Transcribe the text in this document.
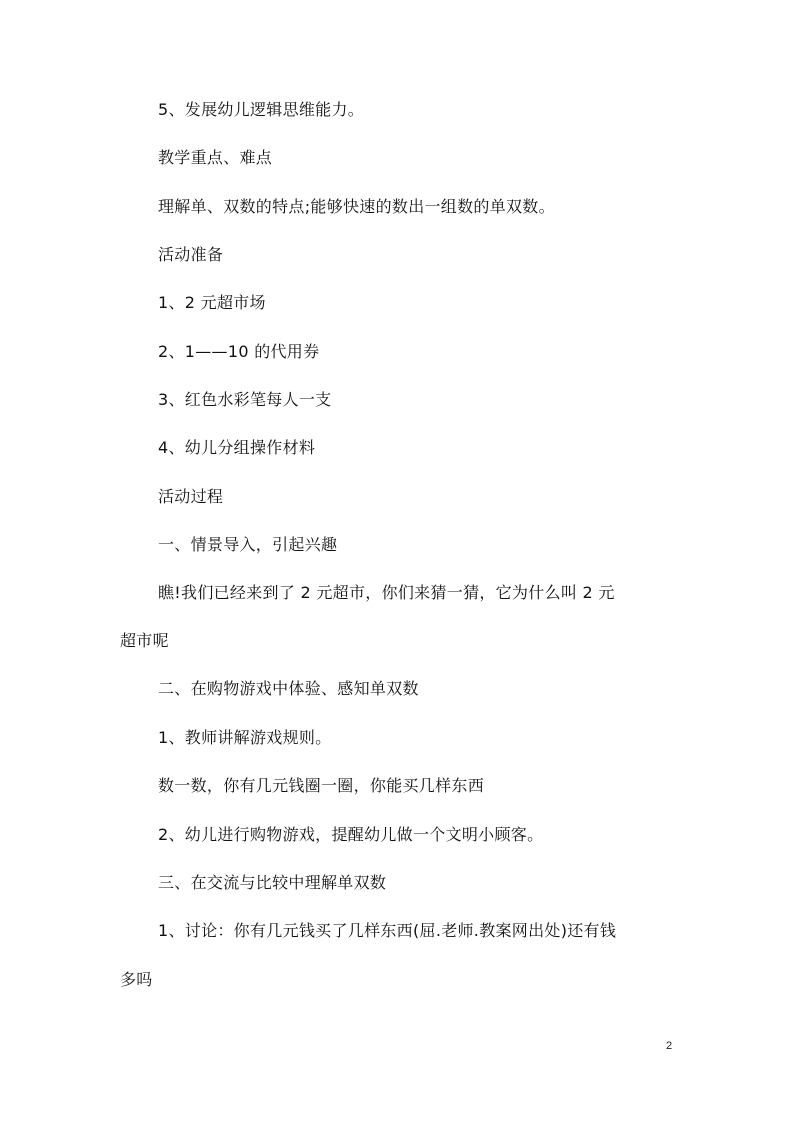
5、发展幼儿逻辑思维能力。
教学重点、难点
理解单、双数的特点;能够快速的数出一组数的单双数。
活动准备
1、2 元超市场
2、1——10 的代用券
3、红色水彩笔每人一支
4、幼儿分组操作材料
活动过程
一、情景导入，引起兴趣
瞧!我们已经来到了 2 元超市，你们来猜一猜，它为什么叫 2 元
超市呢
二、在购物游戏中体验、感知单双数
1、教师讲解游戏规则。
数一数，你有几元钱圈一圈，你能买几样东西
2、幼儿进行购物游戏，提醒幼儿做一个文明小顾客。
三、在交流与比较中理解单双数
1、讨论：你有几元钱买了几样东西(屈.老师.教案网出处)还有钱
多吗
2
